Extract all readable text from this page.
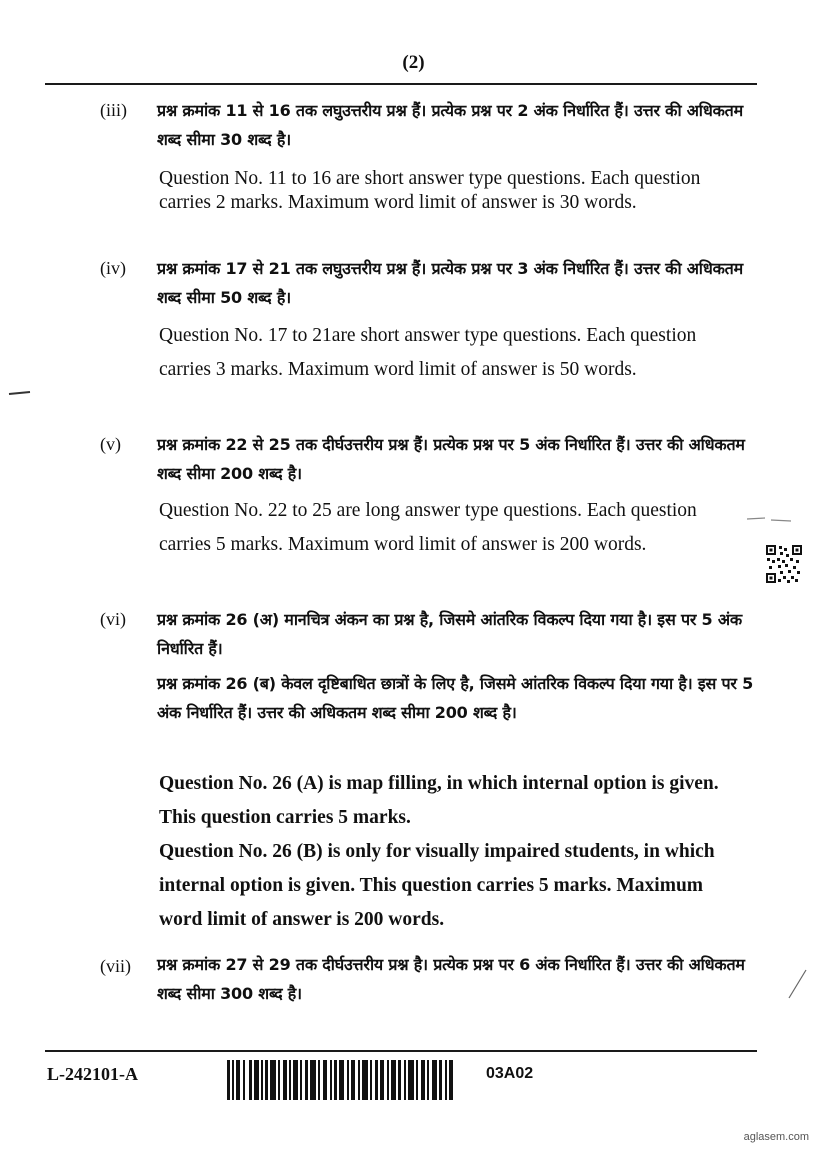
(2)
(iii) प्रश्न क्रमांक 11 से 16 तक लघुउत्तरीय प्रश्न हैं। प्रत्येक प्रश्न पर 2 अंक निर्धारित हैं। उत्तर की अधिकतम शब्द सीमा 30 शब्द है।

Question No. 11 to 16 are short answer type questions. Each question carries 2 marks. Maximum word limit of answer is 30 words.

(iv) प्रश्न क्रमांक 17 से 21 तक लघुउत्तरीय प्रश्न हैं। प्रत्येक प्रश्न पर 3 अंक निर्धारित हैं। उत्तर की अधिकतम शब्द सीमा 50 शब्द है।

Question No. 17 to 21are short answer type questions. Each question carries 3 marks. Maximum word limit of answer is 50 words.

(v) प्रश्न क्रमांक 22 से 25 तक दीर्घउत्तरीय प्रश्न हैं। प्रत्येक प्रश्न पर 5 अंक निर्धारित हैं। उत्तर की अधिकतम शब्द सीमा 200 शब्द है।

Question No. 22 to 25 are long answer type questions. Each question carries 5 marks. Maximum word limit of answer is 200 words.

(vi) प्रश्न क्रमांक 26 (अ) मानचित्र अंकन का प्रश्न है, जिसमे आंतरिक विकल्प दिया गया है। इस पर 5 अंक निर्धारित हैं।

प्रश्न क्रमांक 26 (ब) केवल दृष्टिबाधित छात्रों के लिए है, जिसमे आंतरिक विकल्प दिया गया है। इस पर 5 अंक निर्धारित हैं। उत्तर की अधिकतम शब्द सीमा 200 शब्द है।

Question No. 26 (A) is map filling, in which internal option is given. This question carries 5 marks.

Question No. 26 (B) is only for visually impaired students, in which internal option is given. This question carries 5 marks. Maximum word limit of answer is 200 words.

(vii) प्रश्न क्रमांक 27 से 29 तक दीर्घउत्तरीय प्रश्न है। प्रत्येक प्रश्न पर 6 अंक निर्धारित हैं। उत्तर की अधिकतम शब्द सीमा 300 शब्द है।

L-242101-A	03A02
aglasem.com
